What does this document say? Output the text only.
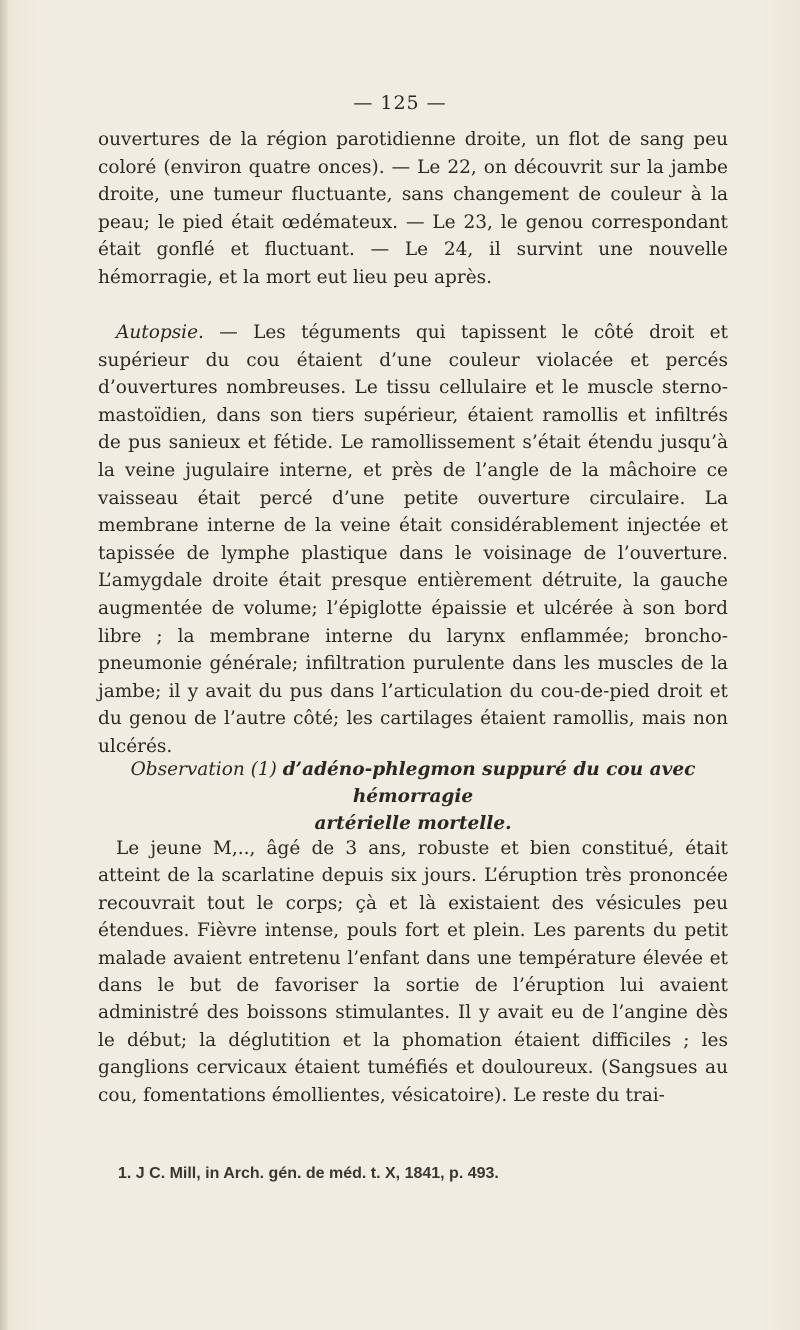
— 125 —
ouvertures de la région parotidienne droite, un flot de sang peu coloré (environ quatre onces). — Le 22, on découvrit sur la jambe droite, une tumeur fluctuante, sans changement de couleur à la peau; le pied était œdémateux. — Le 23, le genou correspondant était gonflé et fluctuant. — Le 24, il survint une nouvelle hémorragie, et la mort eut lieu peu après.
Autopsie. — Les téguments qui tapissent le côté droit et supérieur du cou étaient d’une couleur violacée et percés d’ouvertures nombreuses. Le tissu cellulaire et le muscle sterno-mastoïdien, dans son tiers supérieur, étaient ramollis et infiltrés de pus sanieux et fétide. Le ramollissement s’était étendu jusqu’à la veine jugulaire interne, et près de l’angle de la mâchoire ce vaisseau était percé d’une petite ouverture circulaire. La membrane interne de la veine était considérablement injectée et tapissée de lymphe plastique dans le voisinage de l’ouverture. L’amygdale droite était presque entièrement détruite, la gauche augmentée de volume; l’épiglotte épaissie et ulcérée à son bord libre ; la membrane interne du larynx enflammée; broncho-pneumonie générale; infiltration purulente dans les muscles de la jambe; il y avait du pus dans l’articulation du cou-de-pied droit et du genou de l’autre côté; les cartilages étaient ramollis, mais non ulcérés.
Observation (1) d’adéno-phlegmon suppuré du cou avec hémorragie
artérielle mortelle.
Le jeune M,.., âgé de 3 ans, robuste et bien constitué, était atteint de la scarlatine depuis six jours. L’éruption très prononcée recouvrait tout le corps; çà et là existaient des vésicules peu étendues. Fièvre intense, pouls fort et plein. Les parents du petit malade avaient entretenu l’enfant dans une température élevée et dans le but de favoriser la sortie de l’éruption lui avaient administré des boissons stimulantes. Il y avait eu de l’angine dès le début; la déglutition et la phomation étaient difficiles ; les ganglions cervicaux étaient tuméfiés et douloureux. (Sangsues au cou, fomentations émollientes, vésicatoire). Le reste du trai-
1. J C. Mill, in Arch. gén. de méd. t. X, 1841, p. 493.
